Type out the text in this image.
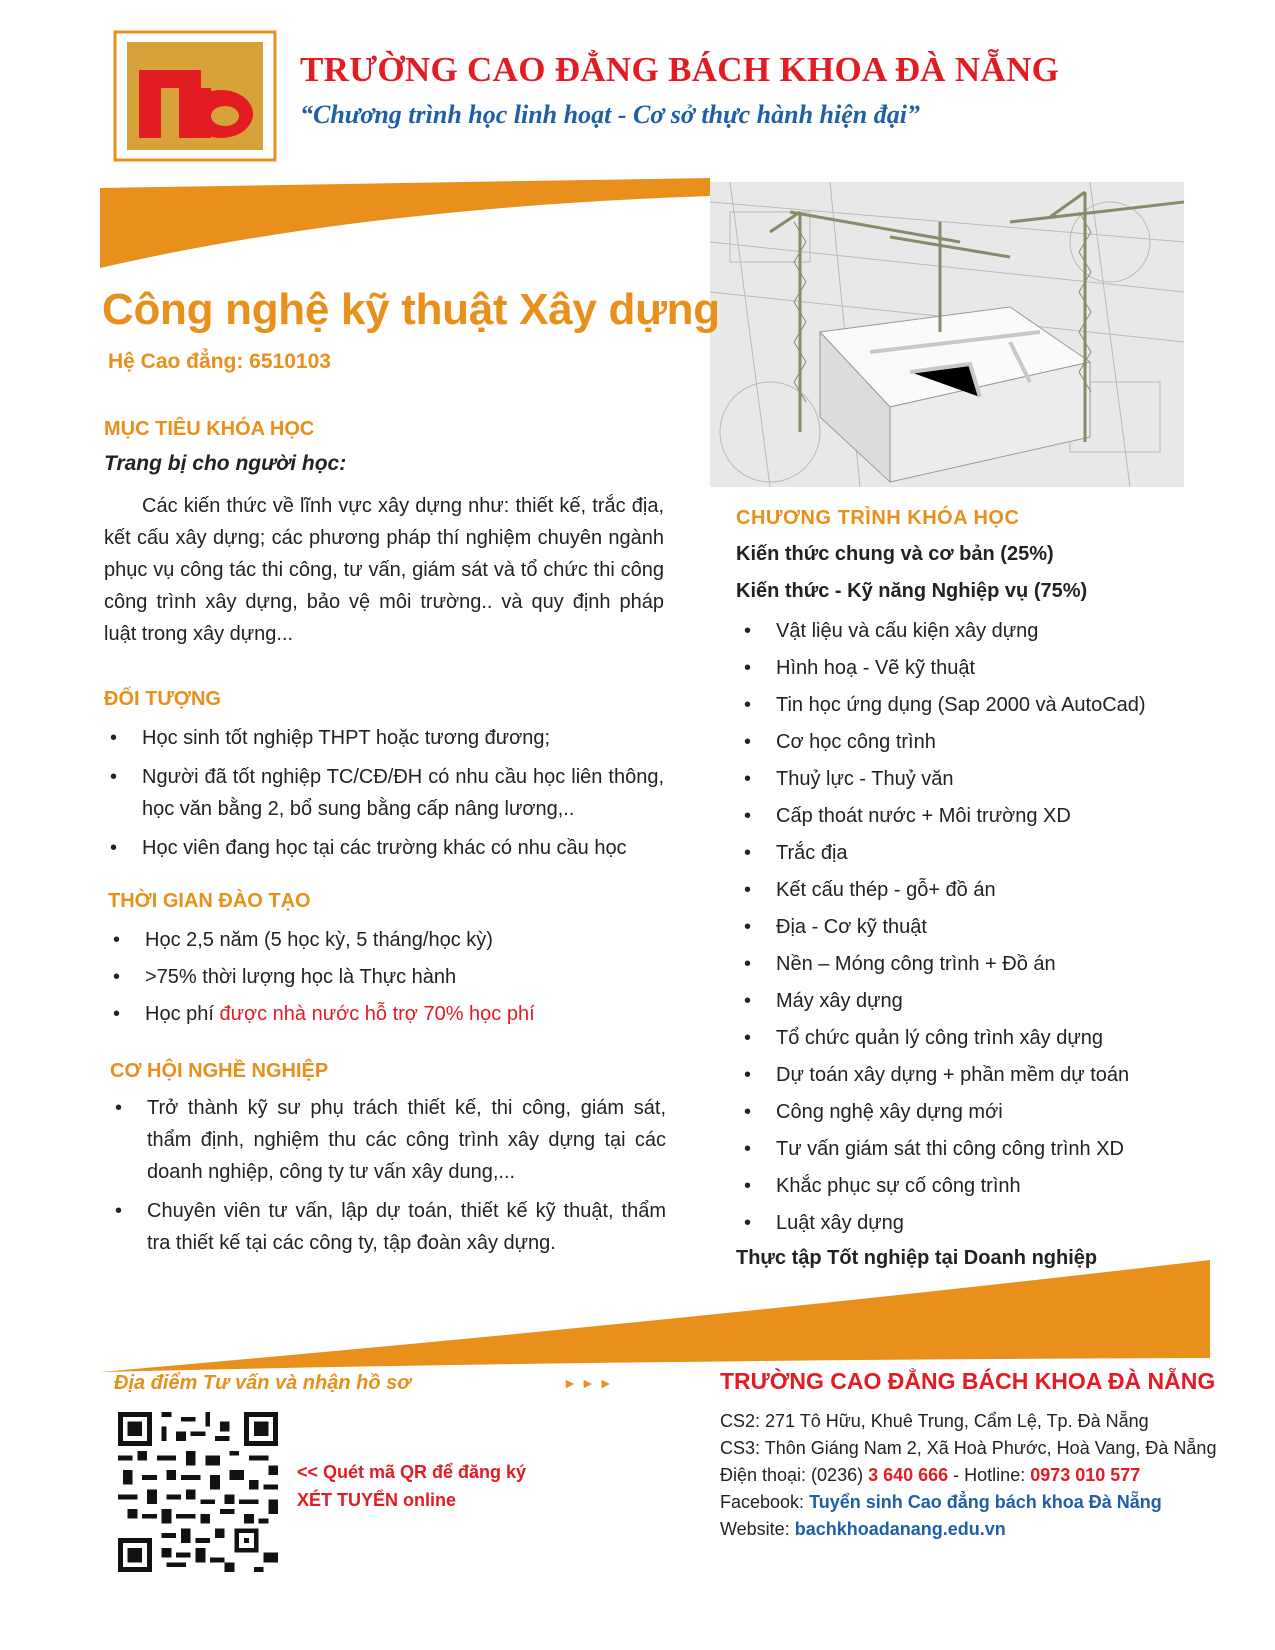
TRƯỜNG CAO ĐẲNG BÁCH KHOA ĐÀ NẴNG
“Chương trình học linh hoạt - Cơ sở thực hành hiện đại”
Công nghệ kỹ thuật Xây dựng
Hệ Cao đẳng: 6510103
MỤC TIÊU KHÓA HỌC
Trang bị cho người học:
Các kiến thức về lĩnh vực xây dựng như: thiết kế, trắc địa, kết cấu xây dựng; các phương pháp thí nghiệm chuyên ngành phục vụ công tác thi công, tư vấn, giám sát và tổ chức thi công công trình xây dựng, bảo vệ môi trường.. và quy định pháp luật trong xây dựng...
ĐỐI TƯỢNG
• Học sinh tốt nghiệp THPT hoặc tương đương;
• Người đã tốt nghiệp TC/CĐ/ĐH có nhu cầu học liên thông, học văn bằng 2, bổ sung bằng cấp nâng lương,..
• Học viên đang học tại các trường khác có nhu cầu học
THỜI GIAN ĐÀO TẠO
• Học 2,5 năm (5 học kỳ, 5 tháng/học kỳ)
• >75% thời lượng học là Thực hành
• Học phí được nhà nước hỗ trợ 70% học phí
CƠ HỘI NGHỀ NGHIỆP
• Trở thành kỹ sư phụ trách thiết kế, thi công, giám sát, thẩm định, nghiệm thu các công trình xây dựng tại các doanh nghiệp, công ty tư vấn xây dung,...
• Chuyên viên tư vấn, lập dự toán, thiết kế kỹ thuật, thẩm tra thiết kế tại các công ty, tập đoàn xây dựng.
CHƯƠNG TRÌNH KHÓA HỌC
Kiến thức chung và cơ bản (25%)
Kiến thức - Kỹ năng Nghiệp vụ (75%)
• Vật liệu và cấu kiện xây dựng
• Hình hoạ - Vẽ kỹ thuật
• Tin học ứng dụng (Sap 2000 và AutoCad)
• Cơ học công trình
• Thuỷ lực - Thuỷ văn
• Cấp thoát nước + Môi trường XD
• Trắc địa
• Kết cấu thép - gỗ+ đồ án
• Địa - Cơ kỹ thuật
• Nền – Móng công trình + Đồ án
• Máy xây dựng
• Tổ chức quản lý công trình xây dựng
• Dự toán xây dựng + phần mềm dự toán
• Công nghệ xây dựng mới
• Tư vấn giám sát thi công công trình XD
• Khắc phục sự cố công trình
• Luật xây dựng
Thực tập Tốt nghiệp tại Doanh nghiệp
Địa điểm Tư vấn và nhận hồ sơ	►►►
<< Quét mã QR để đăng ký XÉT TUYỂN online
TRƯỜNG CAO ĐẲNG BÁCH KHOA ĐÀ NẴNG
CS2: 271 Tô Hữu, Khuê Trung, Cẩm Lệ, Tp. Đà Nẵng
CS3: Thôn Giáng Nam 2, Xã Hoà Phước, Hoà Vang, Đà Nẵng
Điện thoại: (0236) 3 640 666 - Hotline: 0973 010 577
Facebook: Tuyển sinh Cao đẳng bách khoa Đà Nẵng
Website: bachkhoadanang.edu.vn
